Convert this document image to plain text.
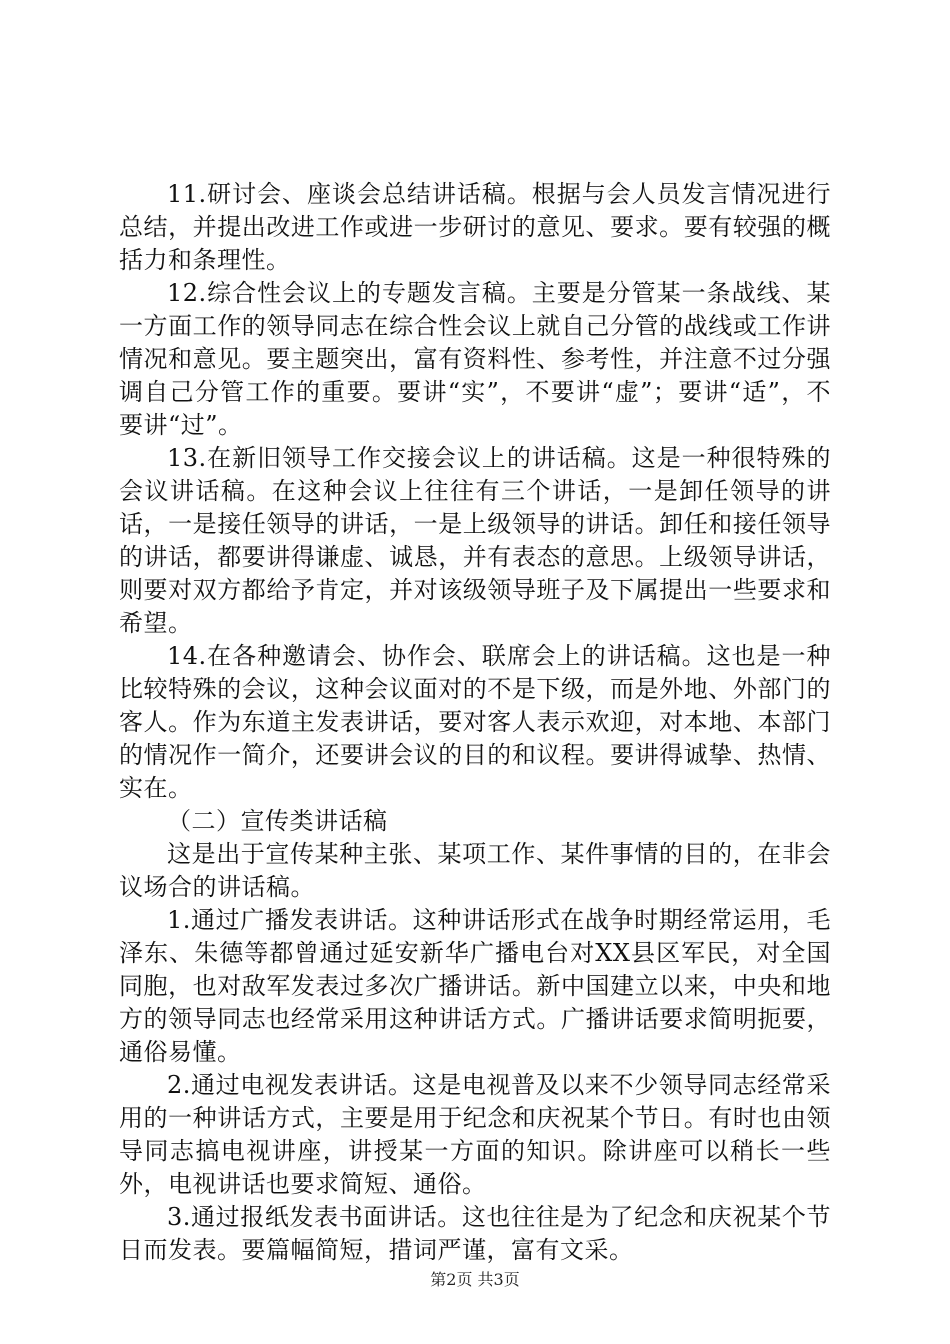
11.研讨会、座谈会总结讲话稿。根据与会人员发言情况进行总结，并提出改进工作或进一步研讨的意见、要求。要有较强的概括力和条理性。

12.综合性会议上的专题发言稿。主要是分管某一条战线、某一方面工作的领导同志在综合性会议上就自己分管的战线或工作讲情况和意见。要主题突出，富有资料性、参考性，并注意不过分强调自己分管工作的重要。要讲“实”，不要讲“虚”；要讲“适”，不要讲“过”。

13.在新旧领导工作交接会议上的讲话稿。这是一种很特殊的会议讲话稿。在这种会议上往往有三个讲话，一是卸任领导的讲话，一是接任领导的讲话，一是上级领导的讲话。卸任和接任领导的讲话，都要讲得谦虚、诚恳，并有表态的意思。上级领导讲话，则要对双方都给予肯定，并对该级领导班子及下属提出一些要求和希望。

14.在各种邀请会、协作会、联席会上的讲话稿。这也是一种比较特殊的会议，这种会议面对的不是下级，而是外地、外部门的客人。作为东道主发表讲话，要对客人表示欢迎，对本地、本部门的情况作一简介，还要讲会议的目的和议程。要讲得诚挚、热情、实在。

（二）宣传类讲话稿

这是出于宣传某种主张、某项工作、某件事情的目的，在非会议场合的讲话稿。

1.通过广播发表讲话。这种讲话形式在战争时期经常运用，毛泽东、朱德等都曾通过延安新华广播电台对XX县区军民，对全国同胞，也对敌军发表过多次广播讲话。新中国建立以来，中央和地方的领导同志也经常采用这种讲话方式。广播讲话要求简明扼要，通俗易懂。

2.通过电视发表讲话。这是电视普及以来不少领导同志经常采用的一种讲话方式，主要是用于纪念和庆祝某个节日。有时也由领导同志搞电视讲座，讲授某一方面的知识。除讲座可以稍长一些外，电视讲话也要求简短、通俗。

3.通过报纸发表书面讲话。这也往往是为了纪念和庆祝某个节日而发表。要篇幅简短，措词严谨，富有文采。

第2页 共3页
